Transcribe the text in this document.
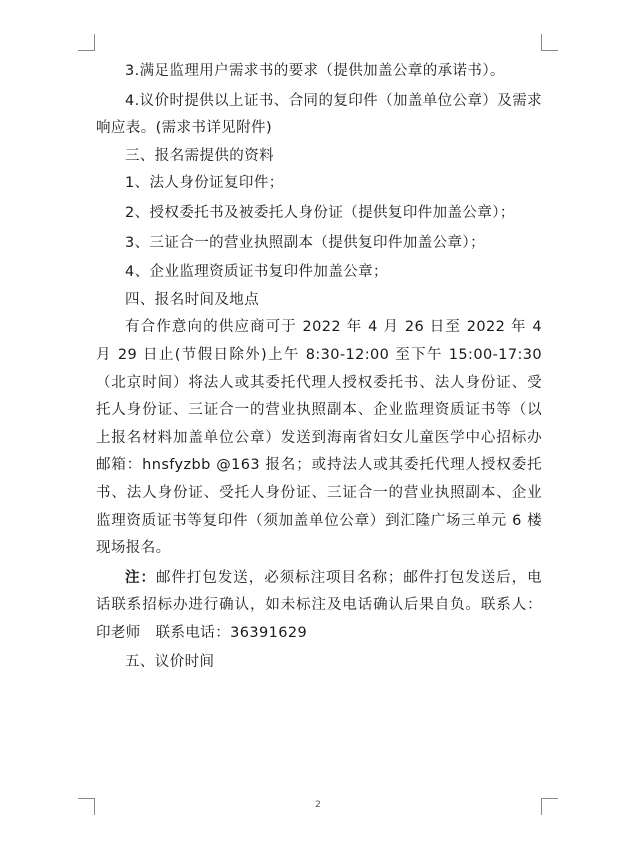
3.满足监理用户需求书的要求（提供加盖公章的承诺书）。

4.议价时提供以上证书、合同的复印件（加盖单位公章）及需求响应表。(需求书详见附件)

三、报名需提供的资料

1、法人身份证复印件；

2、授权委托书及被委托人身份证（提供复印件加盖公章）；

3、三证合一的营业执照副本（提供复印件加盖公章）；

4、企业监理资质证书复印件加盖公章；

四、报名时间及地点

有合作意向的供应商可于 2022 年 4 月 26 日至 2022 年 4 月 29 日止(节假日除外)上午 8:30-12:00 至下午 15:00-17:30（北京时间）将法人或其委托代理人授权委托书、法人身份证、受托人身份证、三证合一的营业执照副本、企业监理资质证书等（以上报名材料加盖单位公章）发送到海南省妇女儿童医学中心招标办邮箱：hnsfyzbb @163 报名；或持法人或其委托代理人授权委托书、法人身份证、受托人身份证、三证合一的营业执照副本、企业监理资质证书等复印件（须加盖单位公章）到汇隆广场三单元 6 楼现场报名。

注：邮件打包发送，必须标注项目名称；邮件打包发送后，电话联系招标办进行确认，如未标注及电话确认后果自负。联系人：印老师　联系电话：36391629

五、议价时间

2
